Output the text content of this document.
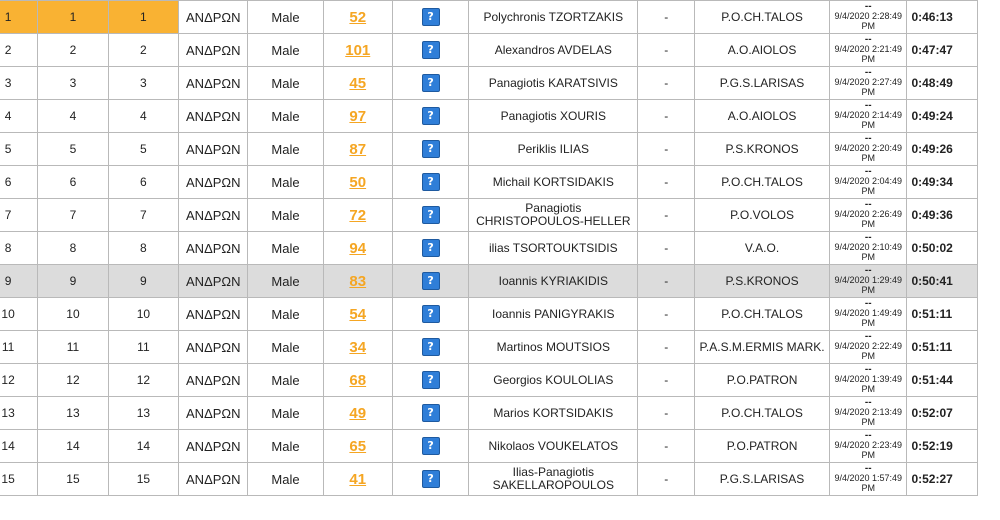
1	1	1	ΑΝΔΡΩΝ	Male	52	?	Polychronis TZORTZAKIS	-	P.O.CH.TALOS	--
9/4/2020 2:28:49 PM	0:46:13
2	2	2	ΑΝΔΡΩΝ	Male	101	?	Alexandros AVDELAS	-	A.O.AIOLOS	--
9/4/2020 2:21:49 PM	0:47:47
3	3	3	ΑΝΔΡΩΝ	Male	45	?	Panagiotis KARATSIVIS	-	P.G.S.LARISAS	--
9/4/2020 2:27:49 PM	0:48:49
4	4	4	ΑΝΔΡΩΝ	Male	97	?	Panagiotis XOURIS	-	A.O.AIOLOS	--
9/4/2020 2:14:49 PM	0:49:24
5	5	5	ΑΝΔΡΩΝ	Male	87	?	Periklis ILIAS	-	P.S.KRONOS	--
9/4/2020 2:20:49 PM	0:49:26
6	6	6	ΑΝΔΡΩΝ	Male	50	?	Michail KORTSIDAKIS	-	P.O.CH.TALOS	--
9/4/2020 2:04:49 PM	0:49:34
7	7	7	ΑΝΔΡΩΝ	Male	72	?	Panagiotis CHRISTOPOULOS-HELLER	-	P.O.VOLOS	--
9/4/2020 2:26:49 PM	0:49:36
8	8	8	ΑΝΔΡΩΝ	Male	94	?	ilias TSORTOUKTSIDIS	-	V.A.O.	--
9/4/2020 2:10:49 PM	0:50:02
9	9	9	ΑΝΔΡΩΝ	Male	83	?	Ioannis KYRIAKIDIS	-	P.S.KRONOS	--
9/4/2020 1:29:49 PM	0:50:41
10	10	10	ΑΝΔΡΩΝ	Male	54	?	Ioannis PANIGYRAKIS	-	P.O.CH.TALOS	--
9/4/2020 1:49:49 PM	0:51:11
11	11	11	ΑΝΔΡΩΝ	Male	34	?	Martinos MOUTSIOS	-	P.A.S.M.ERMIS MARK.	--
9/4/2020 2:22:49 PM	0:51:11
12	12	12	ΑΝΔΡΩΝ	Male	68	?	Georgios KOULOLIAS	-	P.O.PATRON	--
9/4/2020 1:39:49 PM	0:51:44
13	13	13	ΑΝΔΡΩΝ	Male	49	?	Marios KORTSIDAKIS	-	P.O.CH.TALOS	--
9/4/2020 2:13:49 PM	0:52:07
14	14	14	ΑΝΔΡΩΝ	Male	65	?	Nikolaos VOUKELATOS	-	P.O.PATRON	--
9/4/2020 2:23:49 PM	0:52:19
15	15	15	ΑΝΔΡΩΝ	Male	41	?	Ilias-Panagiotis SAKELLAROPOULOS	-	P.G.S.LARISAS	--
9/4/2020 1:57:49 PM	0:52:27
